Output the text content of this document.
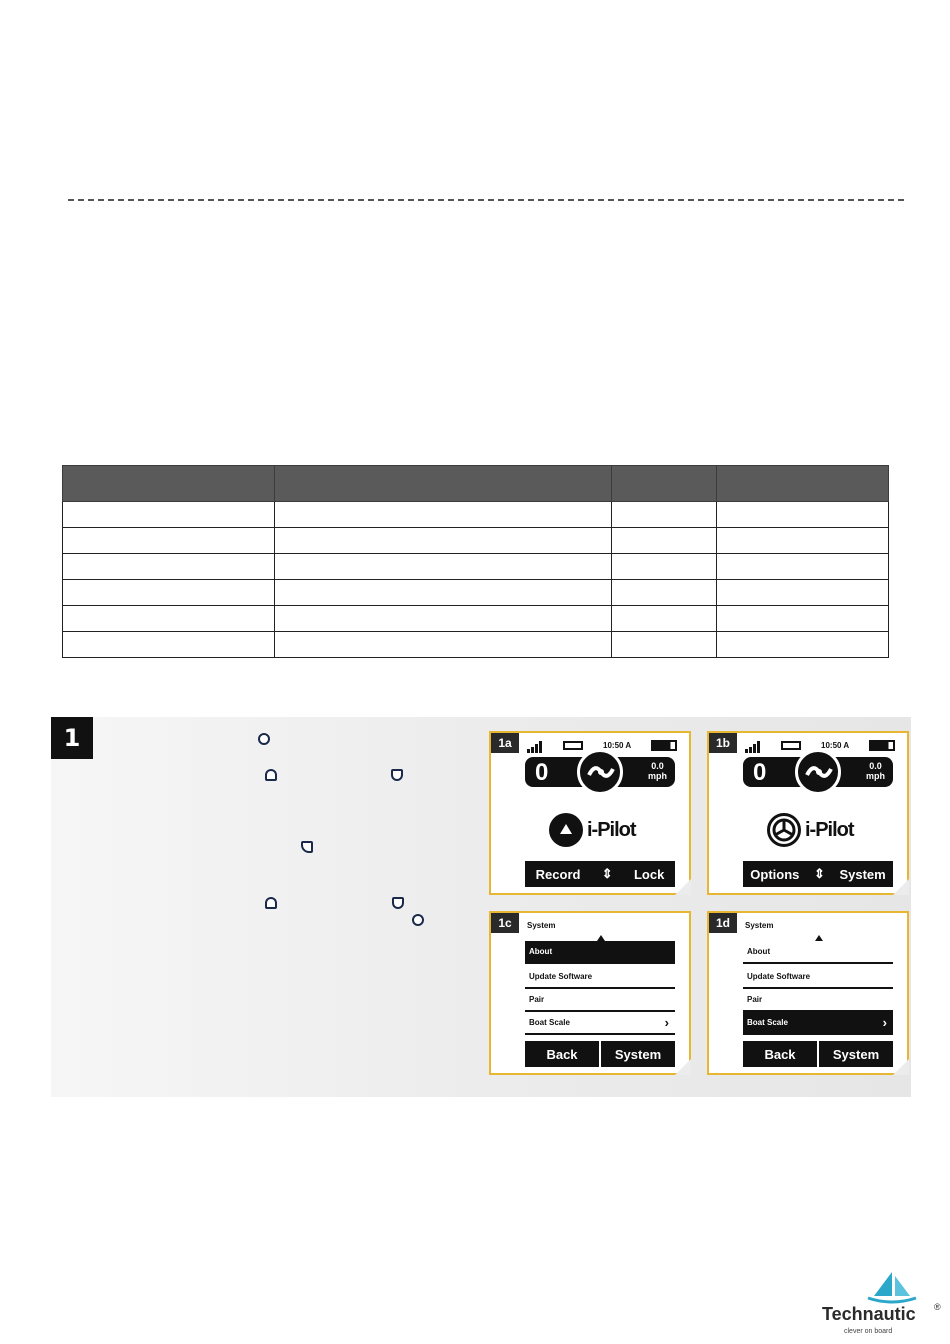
1	1a	10:50 A
0	0.0
mph
i-Pilot
Record ⇕ Lock
1b	10:50 A
0	0.0
mph
i-Pilot
Options ⇕ System
1c	System
About
Update Software
Pair
Boat Scale	›
Back	System
1d	System
About
Update Software
Pair
Boat Scale	›
Back	System
Technautic ®
clever on board
